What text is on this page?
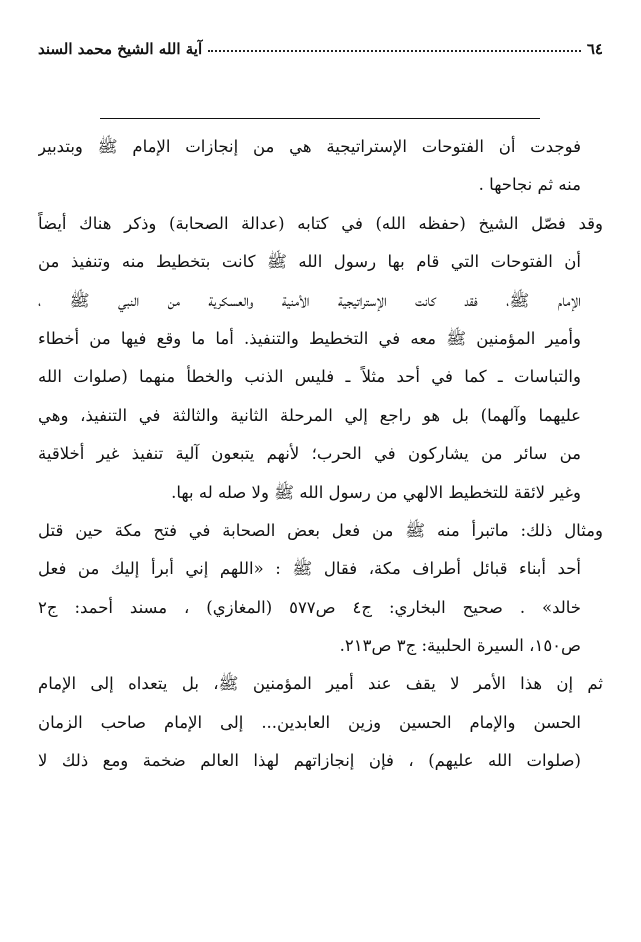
٦٤
آية الله الشيخ محمد السند
فوجدت أن الفتوحات الإستراتيجية هي من إنجازات الإمام ﷺ وبتدبير
منه ثم نجاحها .
وقد فصّل الشيخ (حفظه الله) في كتابه (عدالة الصحابة) وذكر هناك أيضاً
أن الفتوحات التي قام بها رسول الله ﷺ كانت بتخطيط منه وتنفيذ من
الإمام ﷺ، فقد كانت الإستراتيجية الأمنية والعسكرية من النبي ﷺ ،
وأمير المؤمنين ﷺ معه في التخطيط والتنفيذ. أما ما وقع فيها من أخطاء
والتباسات ـ كما في أحد مثلاً ـ فليس الذنب والخطأ منهما (صلوات الله
عليهما وآلهما) بل هو راجع إلي المرحلة الثانية والثالثة في التنفيذ، وهي
من سائر من يشاركون في الحرب؛ لأنهم يتبعون آلية تنفيذ غير أخلاقية
وغير لائقة للتخطيط الالهي من رسول الله ﷺ ولا صله له بها.
ومثال ذلك: ماتبرأ منه ﷺ من فعل بعض الصحابة في فتح مكة حين قتل
أحد أبناء قبائل أطراف مكة، فقال ﷺ : «اللهم إني أبرأ إليك من فعل
خالد» . صحيح البخاري: ج٤ ص٥٧٧ (المغازي) ، مسند أحمد: ج٢
ص١٥٠، السيرة الحلبية: ج٣ ص٢١٣.
ثم إن هذا الأمر لا يقف عند أمير المؤمنين ﷺ، بل يتعداه إلى الإمام
الحسن والإمام الحسين وزين العابدين... إلى الإمام صاحب الزمان
(صلوات الله عليهم) ، فإن إنجازاتهم لهذا العالم ضخمة ومع ذلك لا
